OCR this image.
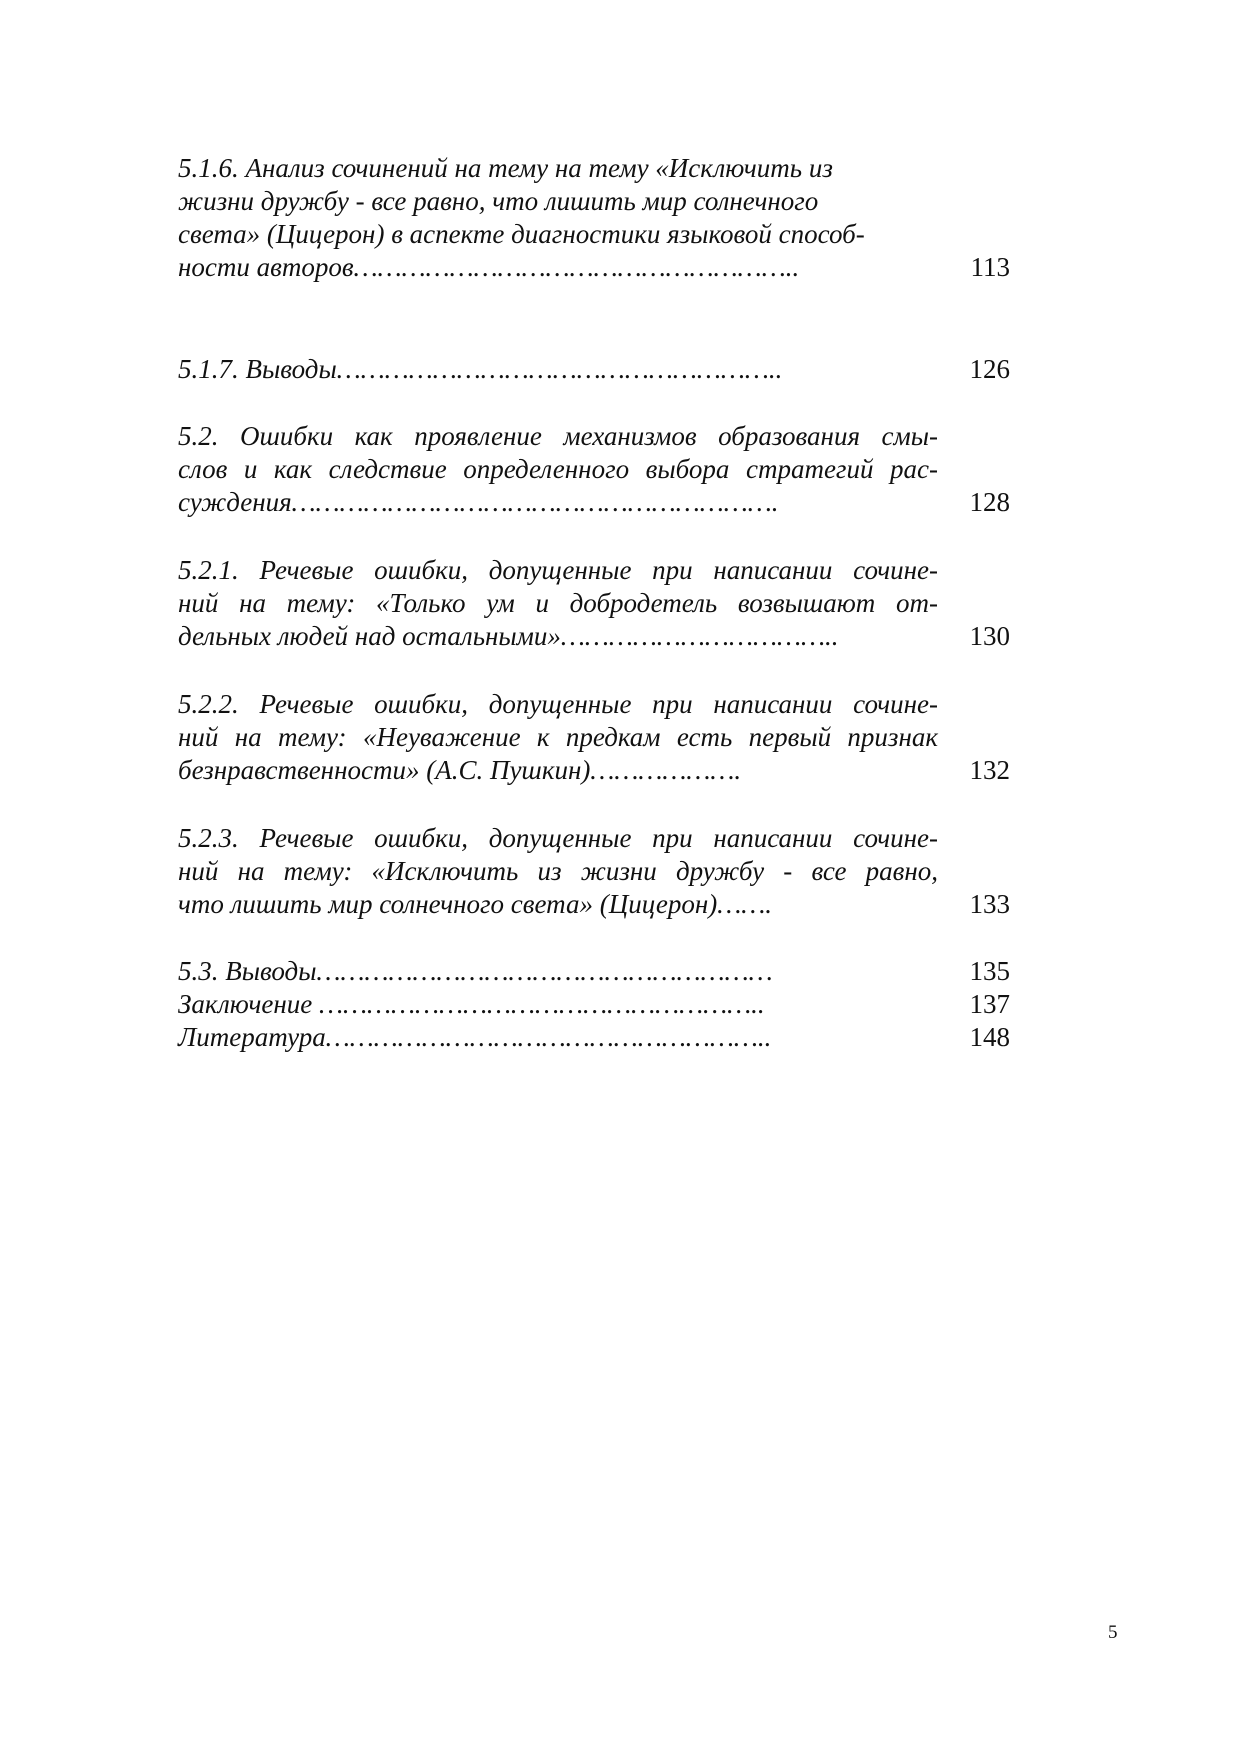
5.1.6. Анализ сочинений на тему на тему «Исключить из
жизни дружбу - все равно, что лишить мир солнечного
света» (Цицерон) в аспекте диагностики языковой способ-
ности авторов………………………………………………..	113
5.1.7. Выводы………………………………………………..	126
5.2. Ошибки как проявление механизмов образования смы-
слов и как следствие определенного выбора стратегий рас-
суждения…………………………………………………….	128
5.2.1. Речевые ошибки, допущенные при написании сочине-
ний на тему: «Только ум и добродетель возвышают от-
дельных людей над остальными»……………………………..	130
5.2.2. Речевые ошибки, допущенные при написании сочине-
ний на тему: «Неуважение к предкам есть первый признак
безнравственности» (А.С. Пушкин)……………….	132
5.2.3. Речевые ошибки, допущенные при написании сочине-
ний на тему: «Исключить из жизни дружбу - все равно,
что лишить мир солнечного света» (Цицерон)…….	133
5.3. Выводы…………………………………………………	135
Заключение ………………………………………………..	137
Литература………………………………………………..	148
5
